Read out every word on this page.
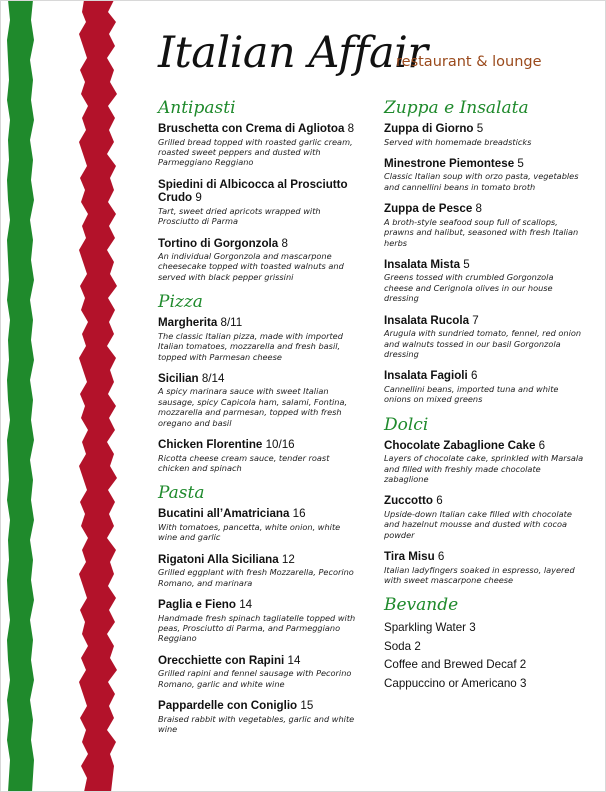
Italian Affair
restaurant & lounge
Antipasti
Bruschetta con Crema di Agliotoa 8
Grilled bread topped with roasted garlic cream, roasted sweet peppers and dusted with Parmeggiano Reggiano
Spiedini di Albicocca al Prosciutto Crudo 9
Tart, sweet dried apricots wrapped with Prosciutto di Parma
Tortino di Gorgonzola 8
An individual Gorgonzola and mascarpone cheesecake topped with toasted walnuts and served with black pepper grissini
Pizza
Margherita 8/11
The classic Italian pizza, made with imported Italian tomatoes, mozzarella and fresh basil, topped with Parmesan cheese
Sicilian 8/14
A spicy marinara sauce with sweet Italian sausage, spicy Capicola ham, salami, Fontina, mozzarella and parmesan, topped with fresh oregano and basil
Chicken Florentine 10/16
Ricotta cheese cream sauce, tender roast chicken and spinach
Pasta
Bucatini all’Amatriciana 16
With tomatoes, pancetta, white onion, white wine and garlic
Rigatoni Alla Siciliana 12
Grilled eggplant with fresh Mozzarella, Pecorino Romano, and marinara
Paglia e Fieno 14
Handmade fresh spinach tagliatelle topped with peas, Prosciutto di Parma, and Parmeggiano Reggiano
Orecchiette con Rapini 14
Grilled rapini and fennel sausage with Pecorino Romano, garlic and white wine
Pappardelle con Coniglio 15
Braised rabbit with vegetables, garlic and white wine
Zuppa e Insalata
Zuppa di Giorno 5
Served with homemade breadsticks
Minestrone Piemontese 5
Classic Italian soup with orzo pasta, vegetables and cannellini beans in tomato broth
Zuppa de Pesce 8
A broth-style seafood soup full of scallops, prawns and halibut, seasoned with fresh Italian herbs
Insalata Mista 5
Greens tossed with crumbled Gorgonzola cheese and Cerignola olives in our house dressing
Insalata Rucola 7
Arugula with sundried tomato, fennel, red onion and walnuts tossed in our basil Gorgonzola dressing
Insalata Fagioli 6
Cannellini beans, imported tuna and white onions on mixed greens
Dolci
Chocolate Zabaglione Cake 6
Layers of chocolate cake, sprinkled with Marsala and filled with freshly made chocolate zabaglione
Zuccotto 6
Upside-down Italian cake filled with chocolate and hazelnut mousse and dusted with cocoa powder
Tira Misu 6
Italian ladyfingers soaked in espresso, layered with sweet mascarpone cheese
Bevande
Sparkling Water 3
Soda 2
Coffee and Brewed Decaf 2
Cappuccino or Americano 3
